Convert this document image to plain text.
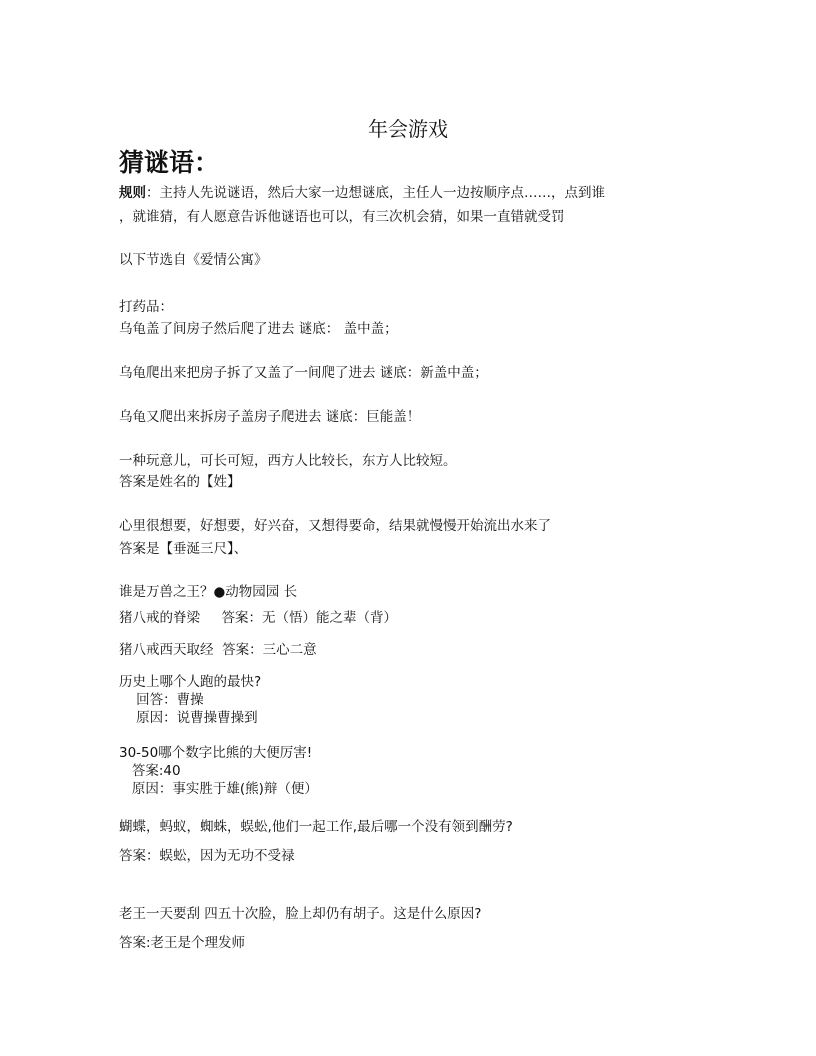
年会游戏
猜谜语：

规则：主持人先说谜语，然后大家一边想谜底，主任人一边按顺序点……，点到谁

，就谁猜，有人愿意告诉他谜语也可以，有三次机会猜，如果一直错就受罚

以下节选自《爱情公寓》

打药品：

乌龟盖了间房子然后爬了进去 谜底： 盖中盖；

乌龟爬出来把房子拆了又盖了一间爬了进去 谜底：新盖中盖；

乌龟又爬出来拆房子盖房子爬进去 谜底：巨能盖！

一种玩意儿，可长可短，西方人比较长，东方人比较短。

答案是姓名的【姓】

心里很想要，好想要，好兴奋，又想得要命，结果就慢慢开始流出水来了

答案是【垂涎三尺】、

谁是万兽之王？●动物园园 长

猪八戒的脊梁     答案：无（悟）能之辈（背）

猪八戒西天取经  答案：三心二意

历史上哪个人跑的最快?

回答：曹操

原因：说曹操曹操到

30-50哪个数字比熊的大便厉害!

答案:40

原因：事实胜于雄(熊)辩（便）

蝴蝶，蚂蚁，蜘蛛，蜈蚣,他们一起工作,最后哪一个没有领到酬劳?

答案：蜈蚣，因为无功不受禄

老王一天要刮 四五十次脸，脸上却仍有胡子。这是什么原因?

答案:老王是个理发师
